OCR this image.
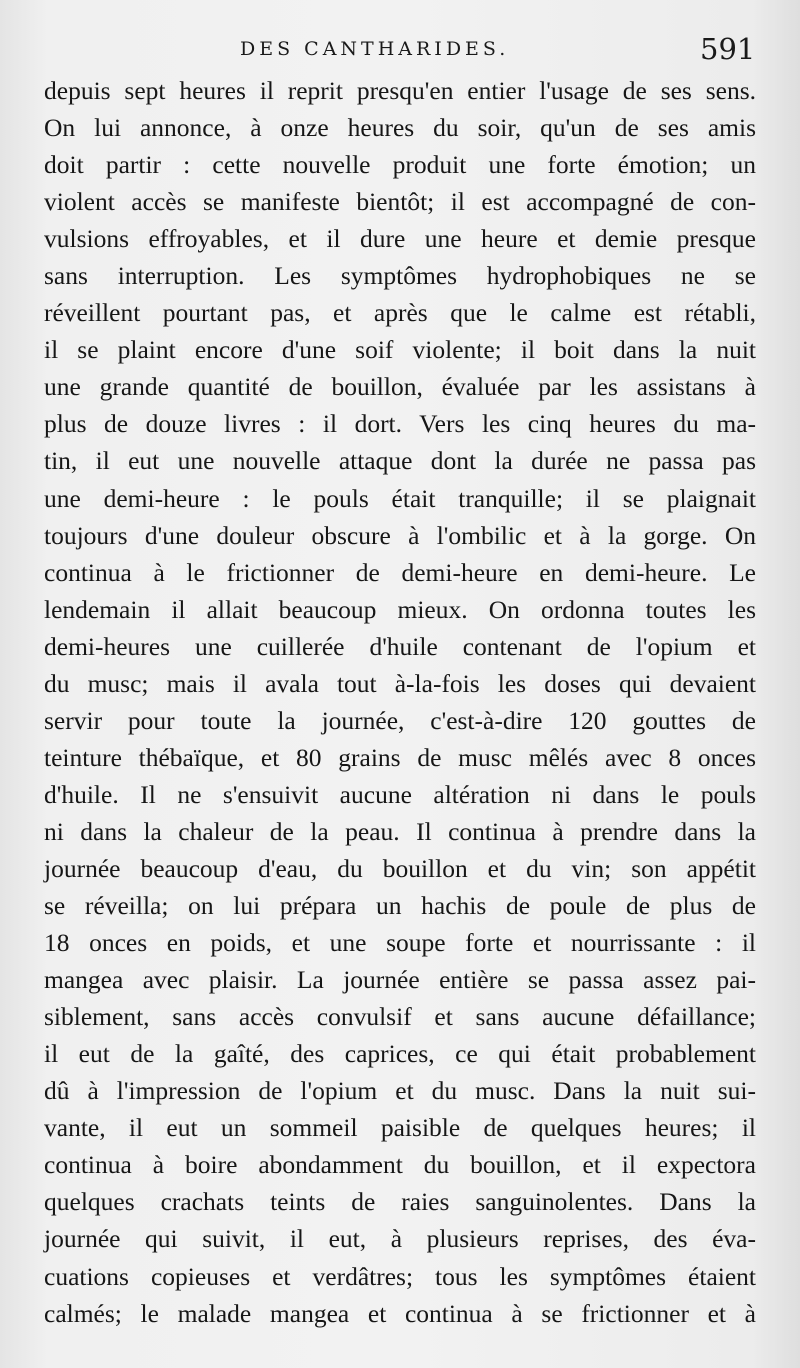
DES CANTHARIDES.	591
depuis sept heures il reprit presqu'en entier l'usage de ses sens.
On lui annonce, à onze heures du soir, qu'un de ses amis
doit partir : cette nouvelle produit une forte émotion; un
violent accès se manifeste bientôt; il est accompagné de con-
vulsions effroyables, et il dure une heure et demie presque
sans interruption. Les symptômes hydrophobiques ne se
réveillent pourtant pas, et après que le calme est rétabli,
il se plaint encore d'une soif violente; il boit dans la nuit
une grande quantité de bouillon, évaluée par les assistans à
plus de douze livres : il dort. Vers les cinq heures du ma-
tin, il eut une nouvelle attaque dont la durée ne passa pas
une demi-heure : le pouls était tranquille; il se plaignait
toujours d'une douleur obscure à l'ombilic et à la gorge. On
continua à le frictionner de demi-heure en demi-heure. Le
lendemain il allait beaucoup mieux. On ordonna toutes les
demi-heures une cuillerée d'huile contenant de l'opium et
du musc; mais il avala tout à-la-fois les doses qui devaient
servir pour toute la journée, c'est-à-dire 120 gouttes de
teinture thébaïque, et 80 grains de musc mêlés avec 8 onces
d'huile. Il ne s'ensuivit aucune altération ni dans le pouls
ni dans la chaleur de la peau. Il continua à prendre dans la
journée beaucoup d'eau, du bouillon et du vin; son appétit
se réveilla; on lui prépara un hachis de poule de plus de
18 onces en poids, et une soupe forte et nourrissante : il
mangea avec plaisir. La journée entière se passa assez pai-
siblement, sans accès convulsif et sans aucune défaillance;
il eut de la gaîté, des caprices, ce qui était probablement
dû à l'impression de l'opium et du musc. Dans la nuit sui-
vante, il eut un sommeil paisible de quelques heures; il
continua à boire abondamment du bouillon, et il expectora
quelques crachats teints de raies sanguinolentes. Dans la
journée qui suivit, il eut, à plusieurs reprises, des éva-
cuations copieuses et verdâtres; tous les symptômes étaient
calmés; le malade mangea et continua à se frictionner et à
